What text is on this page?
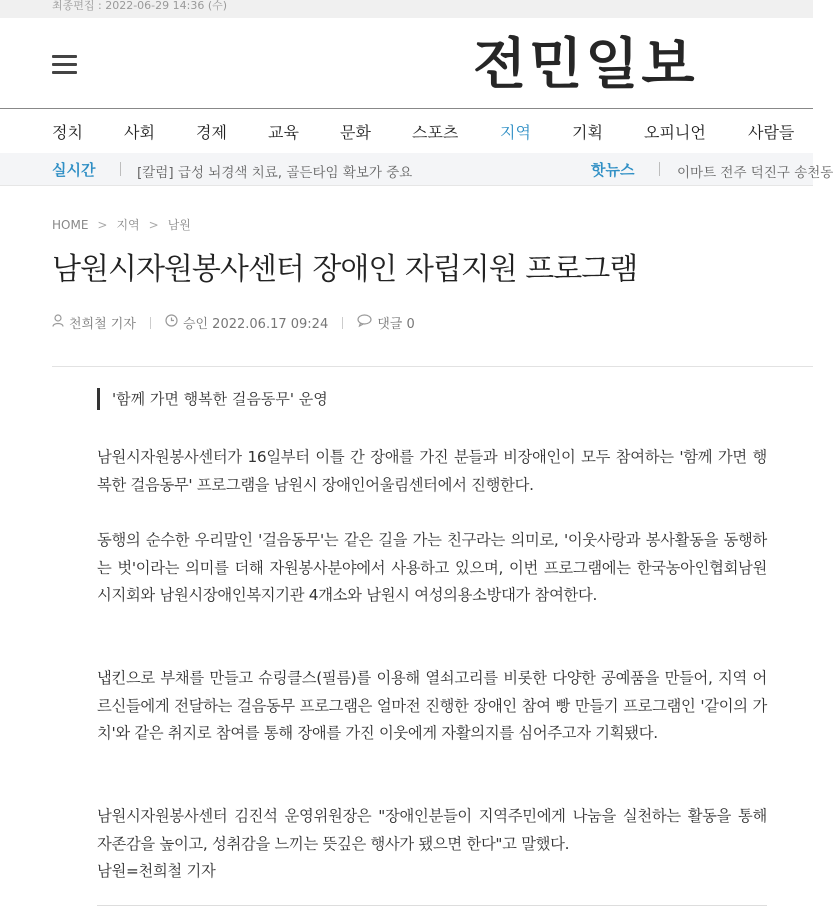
최종편집 : 2022-06-29 14:36 (수)
전민일보
정치	사회	경제	교육	문화	스포츠	지역	기획	오피니언	사람들
실시간	[칼럼] 급성 뇌경색 치료, 골든타임 확보가 중요	핫뉴스	이마트 전주 덕진구 송천동
HOME > 지역 > 남원
남원시자원봉사센터 장애인 자립지원 프로그램
천희철 기자	승인 2022.06.17 09:24	댓글 0
'함께 가면 행복한 걸음동무' 운영

남원시자원봉사센터가 16일부터 이틀 간 장애를 가진 분들과 비장애인이 모두 참여하는 '함께 가면 행복한 걸음동무' 프로그램을 남원시 장애인어울림센터에서 진행한다.

동행의 순수한 우리말인 '걸음동무'는 같은 길을 가는 친구라는 의미로, '이웃사랑과 봉사활동을 동행하는 벗'이라는 의미를 더해 자원봉사분야에서 사용하고 있으며, 이번 프로그램에는 한국농아인협회남원시지회와 남원시장애인복지기관 4개소와 남원시 여성의용소방대가 참여한다.

냅킨으로 부채를 만들고 슈링클스(필름)를 이용해 열쇠고리를 비롯한 다양한 공예품을 만들어, 지역 어르신들에게 전달하는 걸음동무 프로그램은 얼마전 진행한 장애인 참여 빵 만들기 프로그램인 '같이의 가치'와 같은 취지로 참여를 통해 장애를 가진 이웃에게 자활의지를 심어주고자 기획됐다.

남원시자원봉사센터 김진석 운영위원장은 "장애인분들이 지역주민에게 나눔을 실천하는 활동을 통해 자존감을 높이고, 성취감을 느끼는 뜻깊은 행사가 됐으면 한다"고 말했다.

남원=천희철 기자
